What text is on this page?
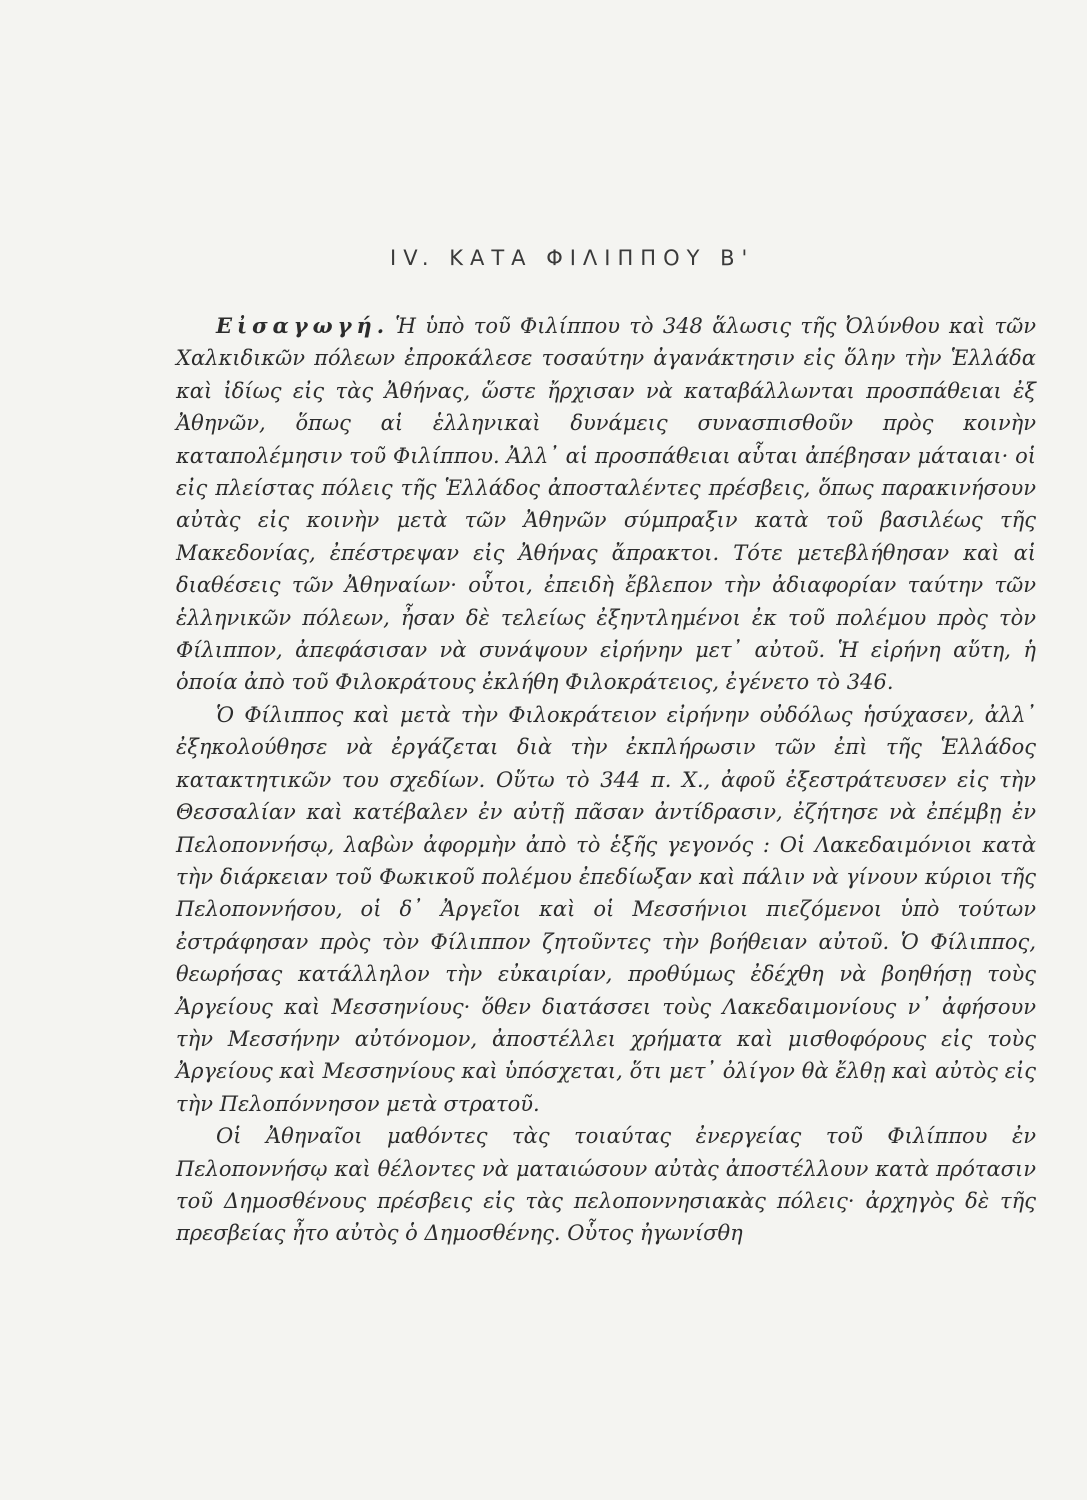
IV. ΚΑΤΑ ΦΙΛΙΠΠΟΥ Β'

Εἰσαγωγή. Ἡ ὑπὸ τοῦ Φιλίππου τὸ 348 ἅλωσις τῆς Ὀλύνθου καὶ τῶν Χαλκιδικῶν πόλεων ἐπροκάλεσε τοσαύτην ἀγανάκτησιν εἰς ὅλην τὴν Ἑλλάδα καὶ ἰδίως εἰς τὰς Ἀθήνας, ὥστε ἤρχισαν νὰ καταβάλλωνται προσπάθειαι ἐξ Ἀθηνῶν, ὅπως αἱ ἑλληνικαὶ δυνάμεις συνασπισθοῦν πρὸς κοινὴν καταπολέμησιν τοῦ Φιλίππου. Ἀλλ᾽ αἱ προσπάθειαι αὗται ἀπέβησαν μάταιαι· οἱ εἰς πλείστας πόλεις τῆς Ἑλλάδος ἀποσταλέντες πρέσβεις, ὅπως παρακινήσουν αὐτὰς εἰς κοινὴν μετὰ τῶν Ἀθηνῶν σύμπραξιν κατὰ τοῦ βασιλέως τῆς Μακεδονίας, ἐπέστρεψαν εἰς Ἀθήνας ἄπρακτοι. Τότε μετεβλήθησαν καὶ αἱ διαθέσεις τῶν Ἀθηναίων· οὗτοι, ἐπειδὴ ἔβλεπον τὴν ἀδιαφορίαν ταύτην τῶν ἑλληνικῶν πόλεων, ἦσαν δὲ τελείως ἐξηντλημένοι ἐκ τοῦ πολέμου πρὸς τὸν Φίλιππον, ἀπεφάσισαν νὰ συνάψουν εἰρήνην μετ᾽ αὐτοῦ. Ἡ εἰρήνη αὕτη, ἡ ὁποία ἀπὸ τοῦ Φιλοκράτους ἐκλήθη Φιλοκράτειος, ἐγένετο τὸ 346.

Ὁ Φίλιππος καὶ μετὰ τὴν Φιλοκράτειον εἰρήνην οὐδόλως ἡσύχασεν, ἀλλ᾽ ἐξηκολούθησε νὰ ἐργάζεται διὰ τὴν ἐκπλήρωσιν τῶν ἐπὶ τῆς Ἑλλάδος κατακτητικῶν του σχεδίων. Οὕτω τὸ 344 π. Χ., ἀφοῦ ἐξεστράτευσεν εἰς τὴν Θεσσαλίαν καὶ κατέβαλεν ἐν αὐτῇ πᾶσαν ἀντίδρασιν, ἐζήτησε νὰ ἐπέμβῃ ἐν Πελοποννήσῳ, λαβὼν ἀφορμὴν ἀπὸ τὸ ἑξῆς γεγονός : Οἱ Λακεδαιμόνιοι κατὰ τὴν διάρκειαν τοῦ Φωκικοῦ πολέμου ἐπεδίωξαν καὶ πάλιν νὰ γίνουν κύριοι τῆς Πελοποννήσου, οἱ δ᾽ Ἀργεῖοι καὶ οἱ Μεσσήνιοι πιεζόμενοι ὑπὸ τούτων ἐστράφησαν πρὸς τὸν Φίλιππον ζητοῦντες τὴν βοήθειαν αὐτοῦ. Ὁ Φίλιππος, θεωρήσας κατάλληλον τὴν εὐκαιρίαν, προθύμως ἐδέχθη νὰ βοηθήσῃ τοὺς Ἀργείους καὶ Μεσσηνίους· ὅθεν διατάσσει τοὺς Λακεδαιμονίους ν᾽ ἀφήσουν τὴν Μεσσήνην αὐτόνομον, ἀποστέλλει χρήματα καὶ μισθοφόρους εἰς τοὺς Ἀργείους καὶ Μεσσηνίους καὶ ὑπόσχεται, ὅτι μετ᾽ ὀλίγον θὰ ἔλθῃ καὶ αὐτὸς εἰς τὴν Πελοπόννησον μετὰ στρατοῦ.

Οἱ Ἀθηναῖοι μαθόντες τὰς τοιαύτας ἐνεργείας τοῦ Φιλίππου ἐν Πελοποννήσῳ καὶ θέλοντες νὰ ματαιώσουν αὐτὰς ἀποστέλλουν κατὰ πρότασιν τοῦ Δημοσθένους πρέσβεις εἰς τὰς πελοποννησιακὰς πόλεις· ἀρχηγὸς δὲ τῆς πρεσβείας ἦτο αὐτὸς ὁ Δημοσθένης. Οὗτος ἠγωνίσθη
